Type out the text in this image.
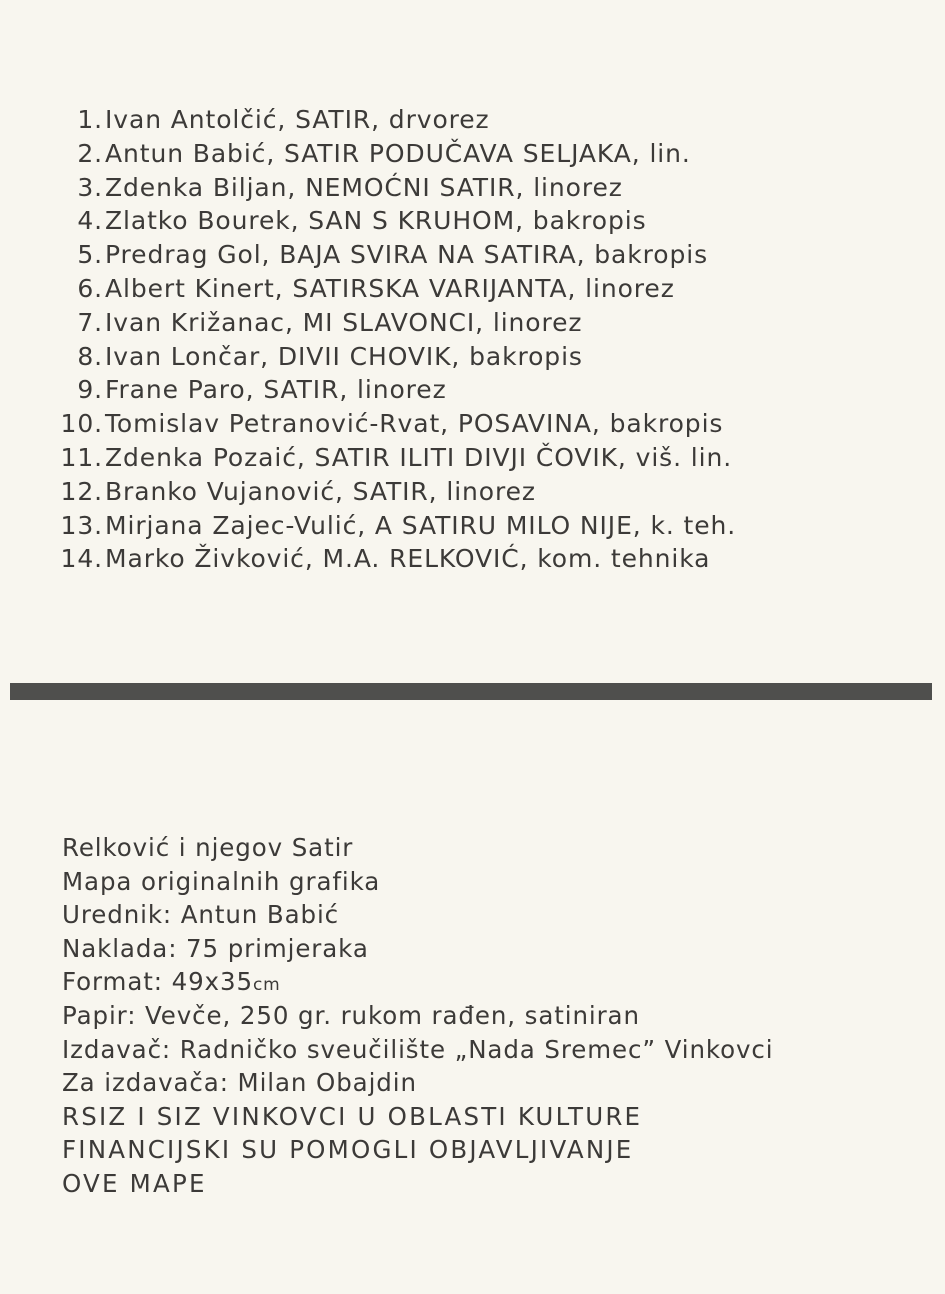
1. Ivan Antolčić, SATIR, drvorez
2. Antun Babić, SATIR PODUČAVA SELJAKA, lin.
3. Zdenka Biljan, NEMOĆNI SATIR, linorez
4. Zlatko Bourek, SAN S KRUHOM, bakropis
5. Predrag Gol, BAJA SVIRA NA SATIRA, bakropis
6. Albert Kinert, SATIRSKA VARIJANTA, linorez
7. Ivan Križanac, MI SLAVONCI, linorez
8. Ivan Lončar, DIVII CHOVIK, bakropis
9. Frane Paro, SATIR, linorez
10. Tomislav Petranović-Rvat, POSAVINA, bakropis
11. Zdenka Pozaić, SATIR ILITI DIVJI ČOVIK, viš. lin.
12. Branko Vujanović, SATIR, linorez
13. Mirjana Zajec-Vulić, A SATIRU MILO NIJE, k. teh.
14. Marko Živković, M.A. RELKOVIĆ, kom. tehnika
Relković i njegov Satir
Mapa originalnih grafika
Urednik: Antun Babić
Naklada: 75 primjeraka
Format: 49x35cm
Papir: Vevče, 250 gr. rukom rađen, satiniran
Izdavač: Radničko sveučilište „Nada Sremec” Vinkovci
Za izdavača: Milan Obajdin
RSIZ I SIZ VINKOVCI U OBLASTI KULTURE
FINANCIJSKI SU POMOGLI OBJAVLJIVANJE
OVE MAPE
